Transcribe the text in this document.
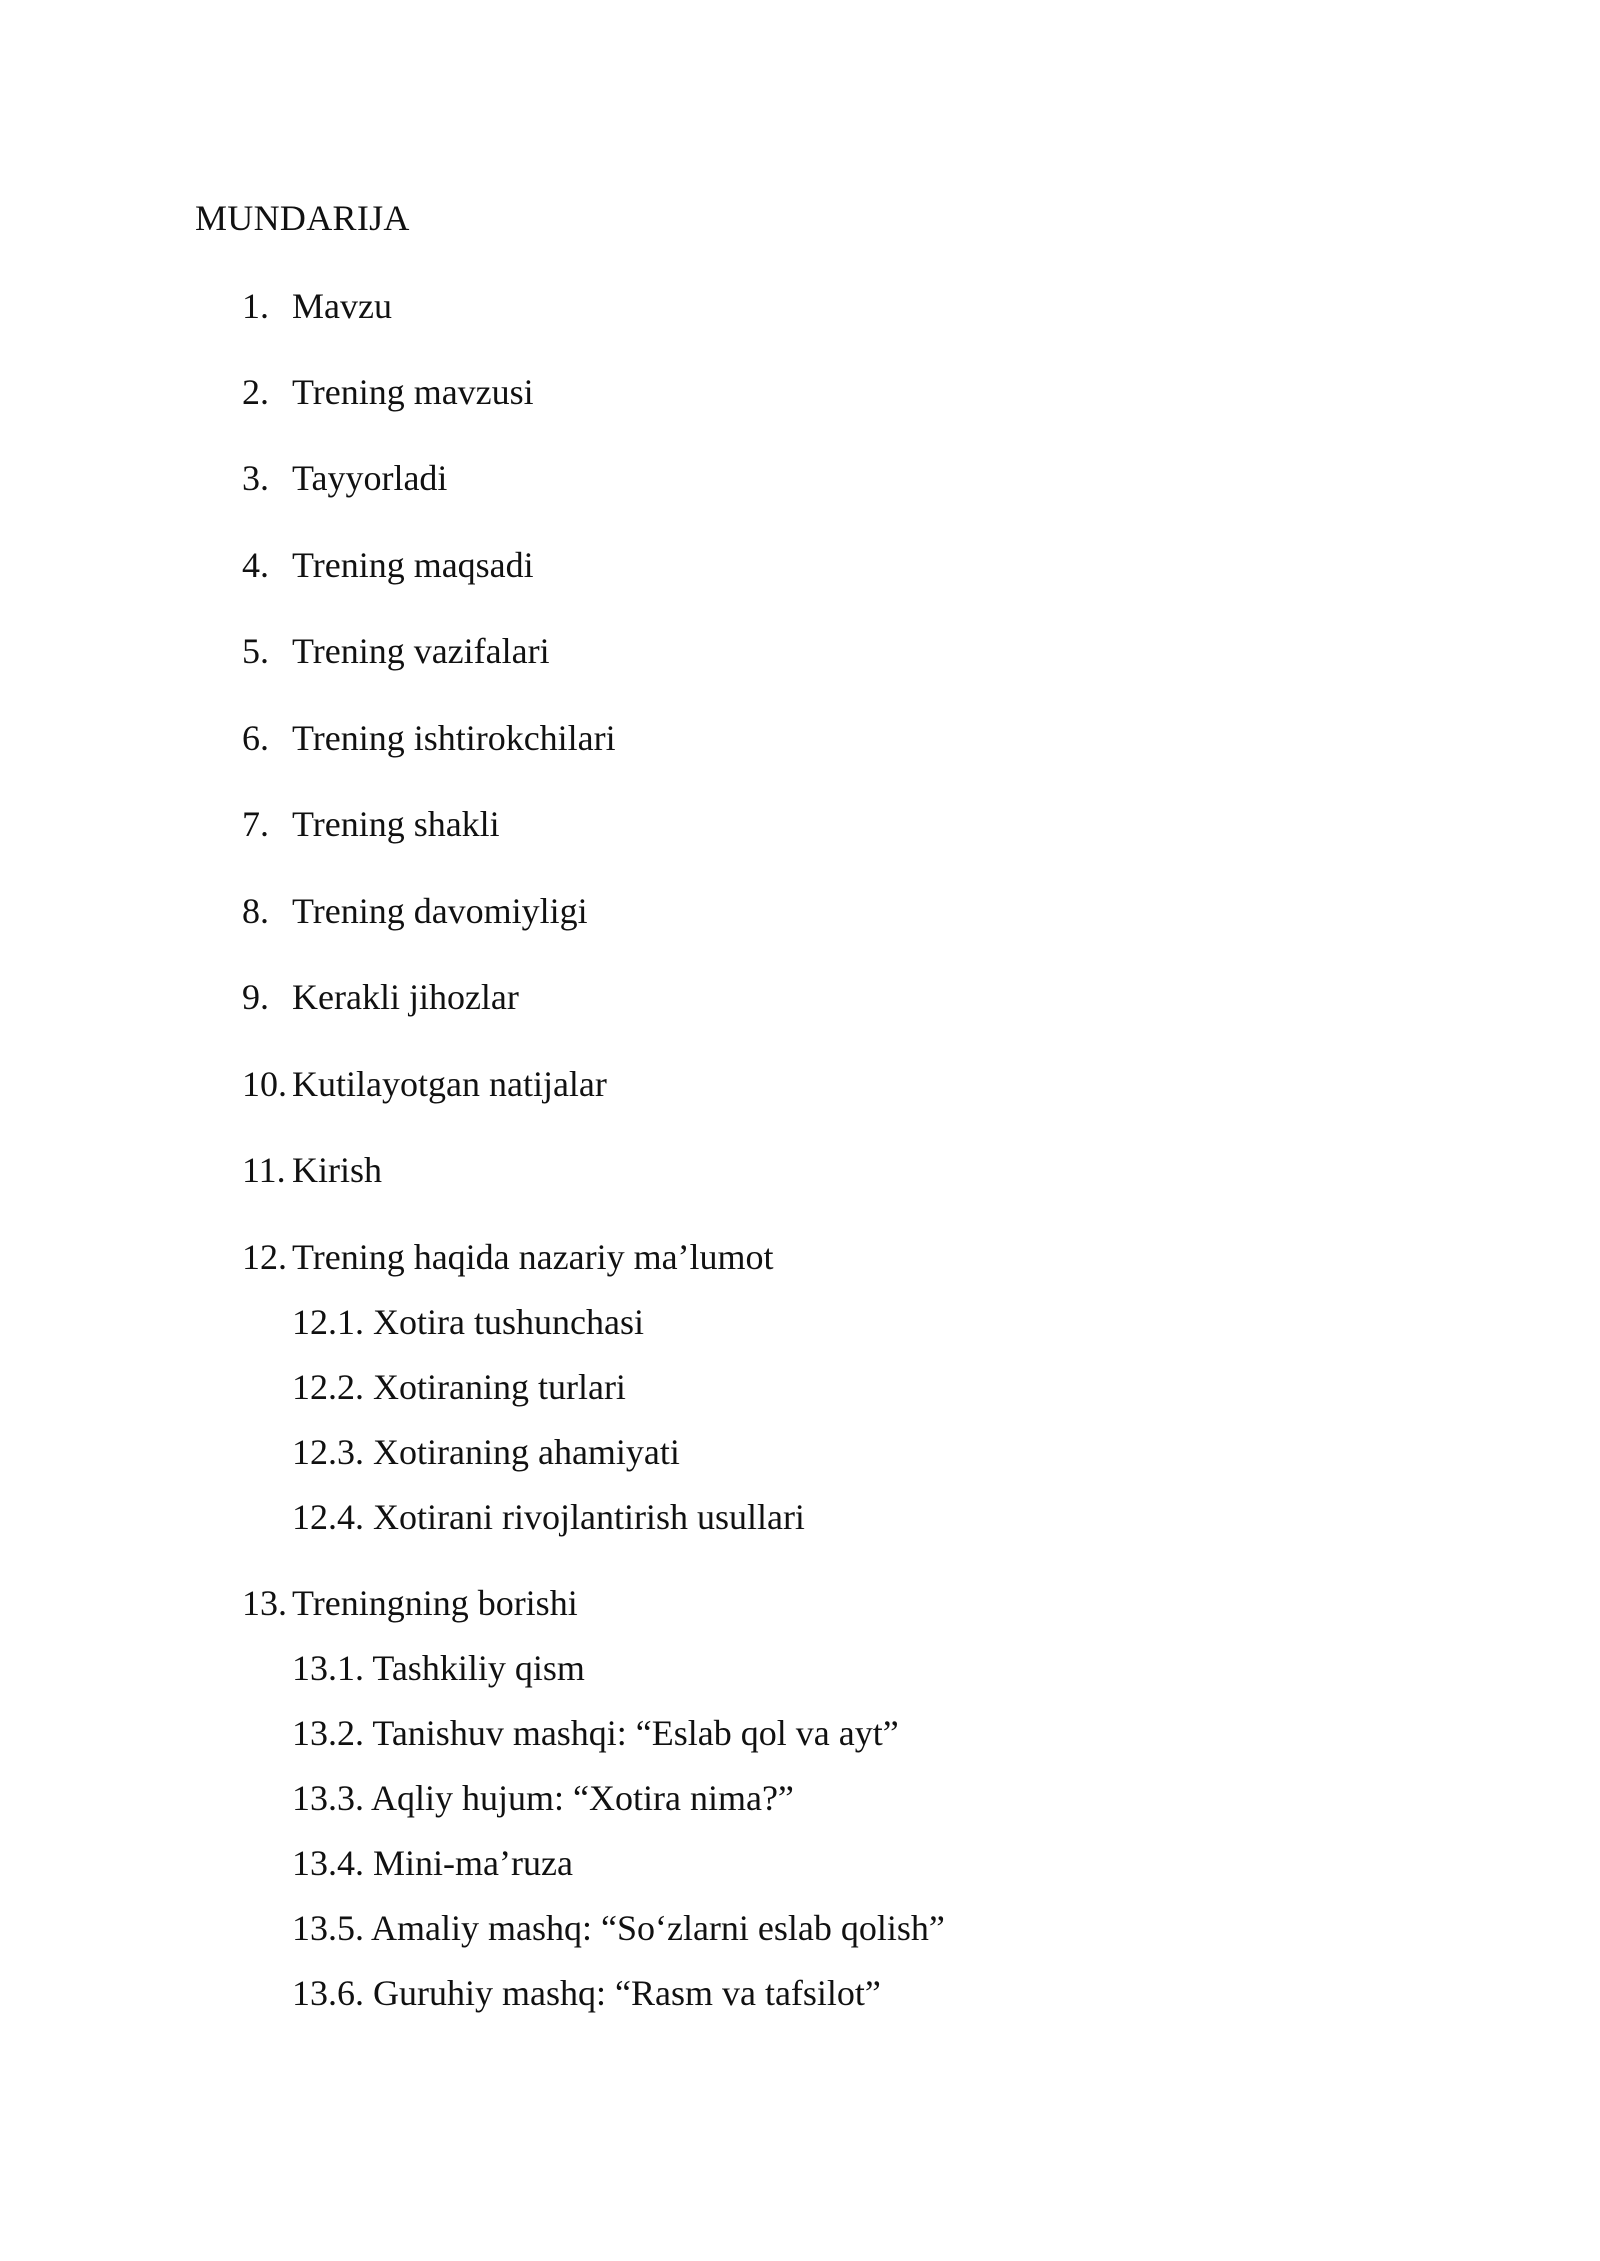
MUNDARIJA
1. Mavzu
2. Trening mavzusi
3. Tayyorladi
4. Trening maqsadi
5. Trening vazifalari
6. Trening ishtirokchilari
7. Trening shakli
8. Trening davomiyligi
9. Kerakli jihozlar
10. Kutilayotgan natijalar
11. Kirish
12. Trening haqida nazariy ma’lumot
12.1. Xotira tushunchasi
12.2. Xotiraning turlari
12.3. Xotiraning ahamiyati
12.4. Xotirani rivojlantirish usullari
13. Treningning borishi
13.1. Tashkiliy qism
13.2. Tanishuv mashqi: “Eslab qol va ayt”
13.3. Aqliy hujum: “Xotira nima?”
13.4. Mini-ma’ruza
13.5. Amaliy mashq: “So‘zlarni eslab qolish”
13.6. Guruhiy mashq: “Rasm va tafsilot”
